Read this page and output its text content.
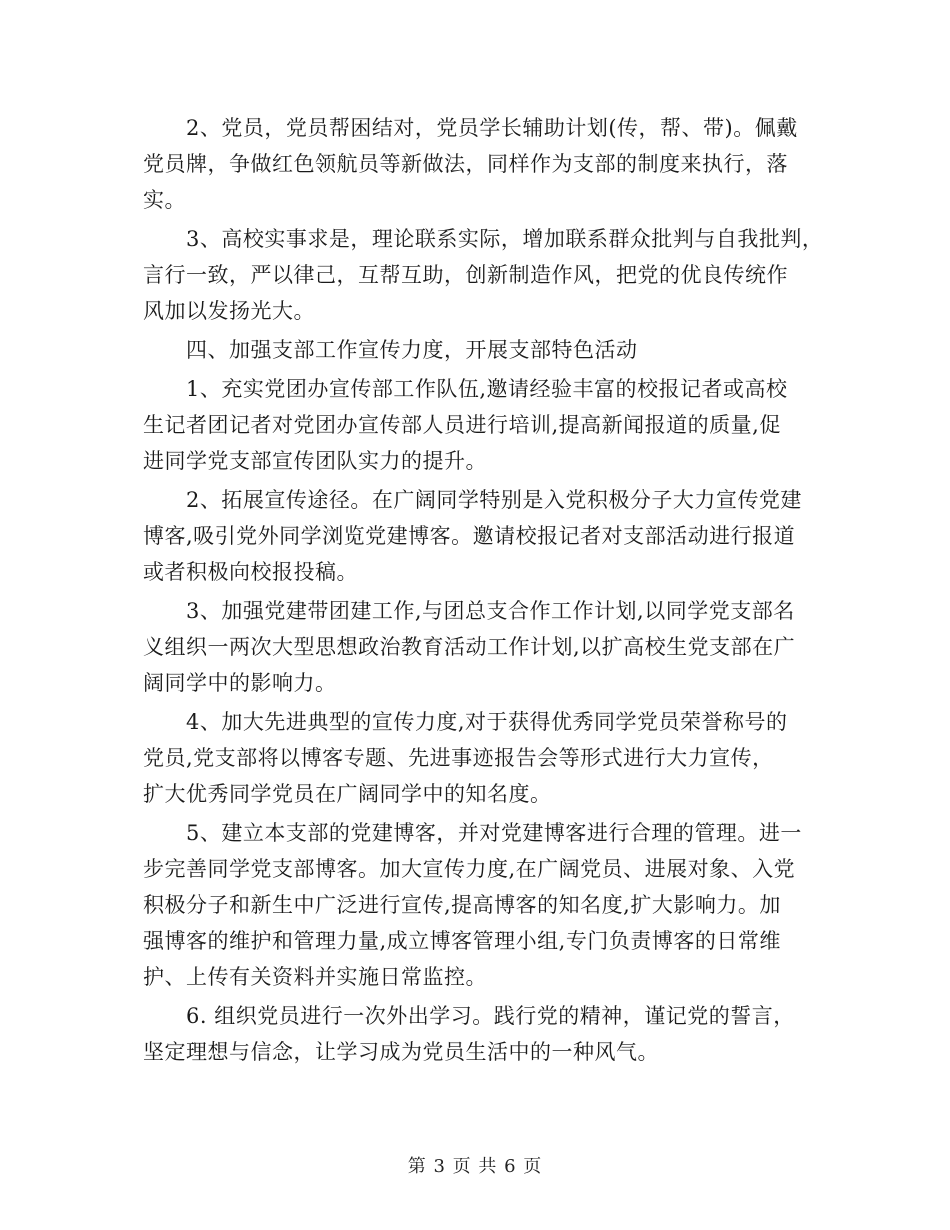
2、党员，党员帮困结对，党员学长辅助计划(传，帮、带)。佩戴
党员牌，争做红色领航员等新做法，同样作为支部的制度来执行，落
实。

3、高校实事求是，理论联系实际，增加联系群众批判与自我批判，
言行一致，严以律己，互帮互助，创新制造作风，把党的优良传统作
风加以发扬光大。

四、加强支部工作宣传力度，开展支部特色活动

1、充实党团办宣传部工作队伍,邀请经验丰富的校报记者或高校
生记者团记者对党团办宣传部人员进行培训,提高新闻报道的质量,促
进同学党支部宣传团队实力的提升。

2、拓展宣传途径。在广阔同学特别是入党积极分子大力宣传党建
博客,吸引党外同学浏览党建博客。邀请校报记者对支部活动进行报道
或者积极向校报投稿。

3、加强党建带团建工作,与团总支合作工作计划,以同学党支部名
义组织一两次大型思想政治教育活动工作计划,以扩高校生党支部在广
阔同学中的影响力。

4、加大先进典型的宣传力度,对于获得优秀同学党员荣誉称号的
党员,党支部将以博客专题、先进事迹报告会等形式进行大力宣传，
扩大优秀同学党员在广阔同学中的知名度。

5、建立本支部的党建博客，并对党建博客进行合理的管理。进一
步完善同学党支部博客。加大宣传力度,在广阔党员、进展对象、入党
积极分子和新生中广泛进行宣传,提高博客的知名度,扩大影响力。加
强博客的维护和管理力量,成立博客管理小组,专门负责博客的日常维
护、上传有关资料并实施日常监控。

6. 组织党员进行一次外出学习。践行党的精神，谨记党的誓言，
坚定理想与信念，让学习成为党员生活中的一种风气。

第 3 页 共 6 页
